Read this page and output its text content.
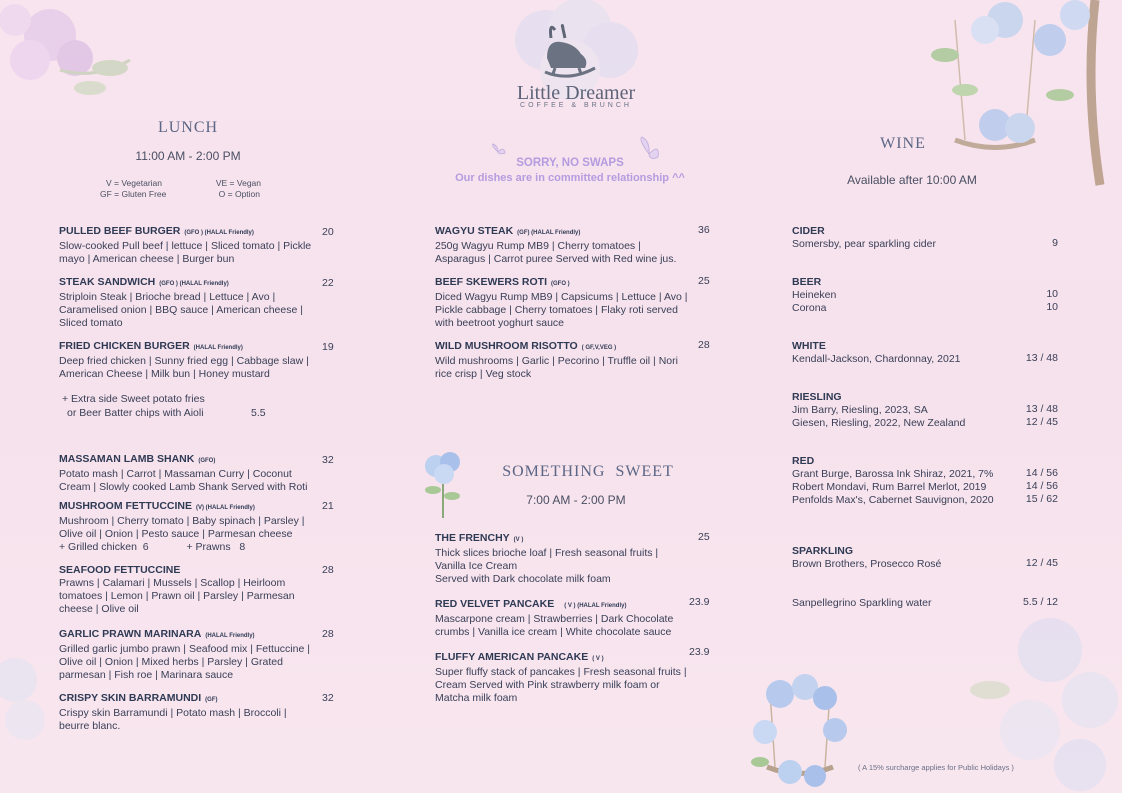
Little Dreamer
COFFEE & BRUNCH
SORRY, NO SWAPS
Our dishes are in committed relationship ^^
LUNCH
11:00 AM - 2:00 PM
V = Vegetarian	VE = Vegan
GF = Gluten Free	O = Option
PULLED BEEF BURGER (GFO ) (HALAL Friendly)
Slow-cooked Pull beef | lettuce | Sliced tomato | Pickle
mayo | American cheese | Burger bun
20
STEAK SANDWICH (GFO ) (HALAL Friendly)
Striploin Steak | Brioche bread | Lettuce | Avo |
Caramelised onion | BBQ sauce | American cheese |
Sliced tomato
22
FRIED CHICKEN BURGER (HALAL Friendly)
Deep fried chicken | Sunny fried egg | Cabbage slaw |
American Cheese | Milk bun | Honey mustard
19
+ Extra side Sweet potato fries
or Beer Batter chips with Aioli	5.5
MASSAMAN LAMB SHANK (GFO)
Potato mash | Carrot | Massaman Curry | Coconut
Cream | Slowly cooked Lamb Shank Served with Roti
32
MUSHROOM FETTUCCINE (V) (HALAL Friendly)
Mushroom | Cherry tomato | Baby spinach | Parsley |
Olive oil | Onion | Pesto sauce | Parmesan cheese
+ Grilled chicken  6             + Prawns   8
21
SEAFOOD FETTUCCINE
Prawns | Calamari | Mussels | Scallop | Heirloom
tomatoes | Lemon | Prawn oil | Parsley | Parmesan
cheese | Olive oil
28
GARLIC PRAWN MARINARA (HALAL Friendly)
Grilled garlic jumbo prawn | Seafood mix | Fettuccine |
Olive oil | Onion | Mixed herbs | Parsley | Grated
parmesan | Fish roe | Marinara sauce
28
CRISPY SKIN BARRAMUNDI (GF)
Crispy skin Barramundi | Potato mash | Broccoli |
beurre blanc.
32
WAGYU STEAK (GF) (HALAL Friendly)
250g Wagyu Rump MB9 | Cherry tomatoes |
Asparagus | Carrot puree Served with Red wine jus.
36
BEEF SKEWERS ROTI (GFO )
Diced Wagyu Rump MB9 | Capsicums | Lettuce | Avo |
Pickle cabbage | Cherry tomatoes | Flaky roti served
with beetroot yoghurt sauce
25
WILD MUSHROOM RISOTTO ( GF,V,VEG )
Wild mushrooms | Garlic | Pecorino | Truffle oil | Nori
rice crisp | Veg stock
28
SOMETHING  SWEET
7:00 AM - 2:00 PM
THE FRENCHY (V )
Thick slices brioche loaf | Fresh seasonal fruits |
Vanilla Ice Cream
Served with Dark chocolate milk foam
25
RED VELVET PANCAKE ( V ) (HALAL Friendly)
Mascarpone cream | Strawberries | Dark Chocolate
crumbs | Vanilla ice cream | White chocolate sauce
23.9
FLUFFY AMERICAN PANCAKE ( V )
Super fluffy stack of pancakes | Fresh seasonal fruits |
Cream Served with Pink strawberry milk foam or
Matcha milk foam
23.9
WINE
Available after 10:00 AM
CIDER
Somersby, pear sparkling cider	9
BEER
Heineken	10
Corona	10
WHITE
Kendall-Jackson, Chardonnay, 2021	13 / 48
RIESLING
Jim Barry, Riesling, 2023, SA	13 / 48
Giesen, Riesling, 2022, New Zealand	12 / 45
RED
Grant Burge, Barossa Ink Shiraz, 2021, 7%	14 / 56
Robert Mondavi, Rum Barrel Merlot, 2019	14 / 56
Penfolds Max's, Cabernet Sauvignon, 2020	15 / 62
SPARKLING
Brown Brothers, Prosecco Rosé	12 / 45
Sanpellegrino Sparkling water	5.5 / 12
( A 15% surcharge applies for Public Holidays )
